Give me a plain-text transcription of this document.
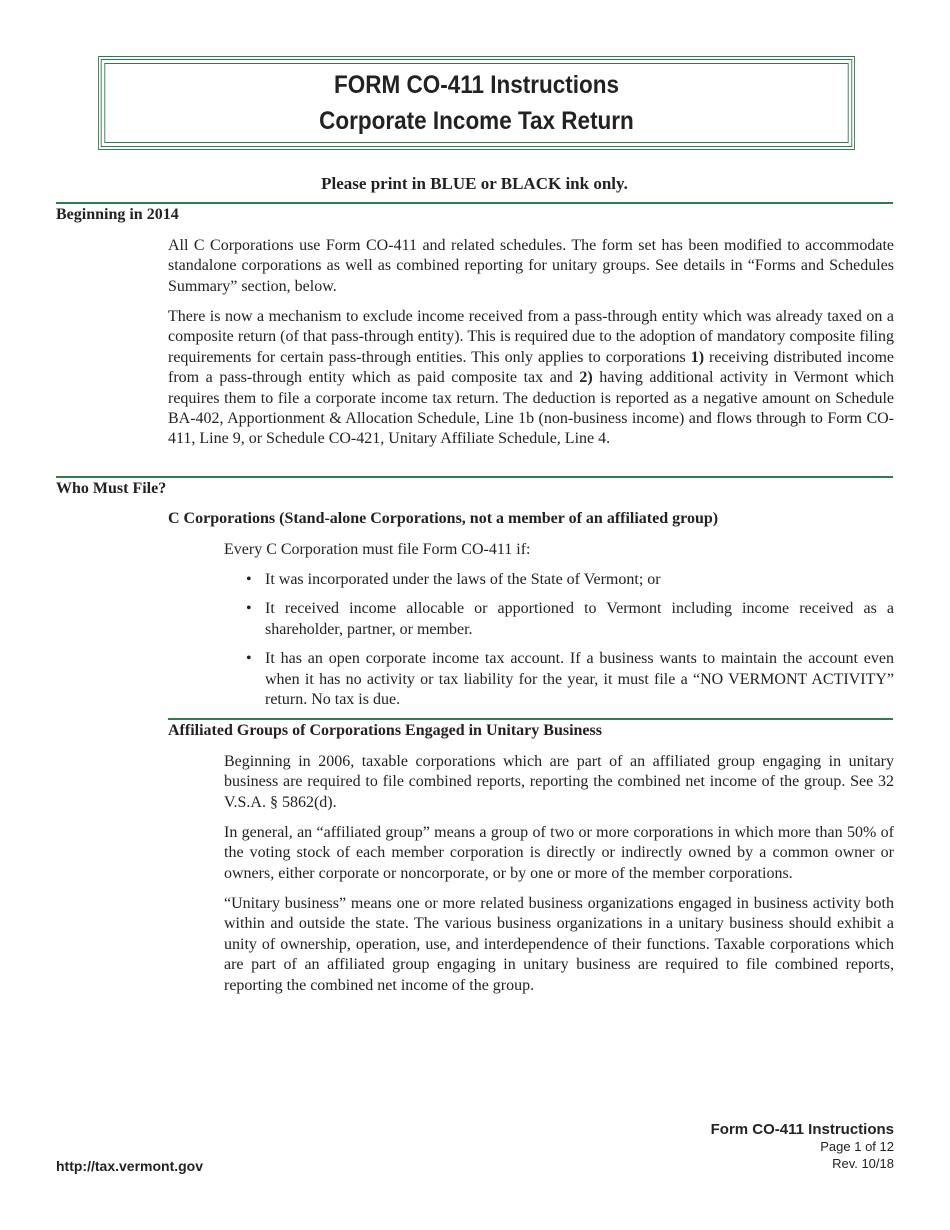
FORM CO-411 Instructions
Corporate Income Tax Return
Please print in BLUE or BLACK ink only.
Beginning in 2014
All C Corporations use Form CO-411 and related schedules. The form set has been modified to accommodate standalone corporations as well as combined reporting for unitary groups. See details in “Forms and Schedules Summary” section, below.
There is now a mechanism to exclude income received from a pass-through entity which was already taxed on a composite return (of that pass-through entity). This is required due to the adoption of mandatory composite filing requirements for certain pass-through entities. This only applies to corporations 1) receiving distributed income from a pass-through entity which as paid composite tax and 2) having additional activity in Vermont which requires them to file a corporate income tax return. The deduction is reported as a negative amount on Schedule BA-402, Apportionment & Allocation Schedule, Line 1b (non-business income) and flows through to Form CO-411, Line 9, or Schedule CO-421, Unitary Affiliate Schedule, Line 4.
Who Must File?
C Corporations (Stand-alone Corporations, not a member of an affiliated group)
Every C Corporation must file Form CO-411 if:
• It was incorporated under the laws of the State of Vermont; or
• It received income allocable or apportioned to Vermont including income received as a shareholder, partner, or member.
• It has an open corporate income tax account. If a business wants to maintain the account even when it has no activity or tax liability for the year, it must file a “NO VERMONT ACTIVITY” return. No tax is due.
Affiliated Groups of Corporations Engaged in Unitary Business
Beginning in 2006, taxable corporations which are part of an affiliated group engaging in unitary business are required to file combined reports, reporting the combined net income of the group. See 32 V.S.A. § 5862(d).
In general, an “affiliated group” means a group of two or more corporations in which more than 50% of the voting stock of each member corporation is directly or indirectly owned by a common owner or owners, either corporate or noncorporate, or by one or more of the member corporations.
“Unitary business” means one or more related business organizations engaged in business activity both within and outside the state. The various business organizations in a unitary business should exhibit a unity of ownership, operation, use, and interdependence of their functions. Taxable corporations which are part of an affiliated group engaging in unitary business are required to file combined reports, reporting the combined net income of the group.
http://tax.vermont.gov
Form CO-411 Instructions
Page 1 of 12
Rev. 10/18
